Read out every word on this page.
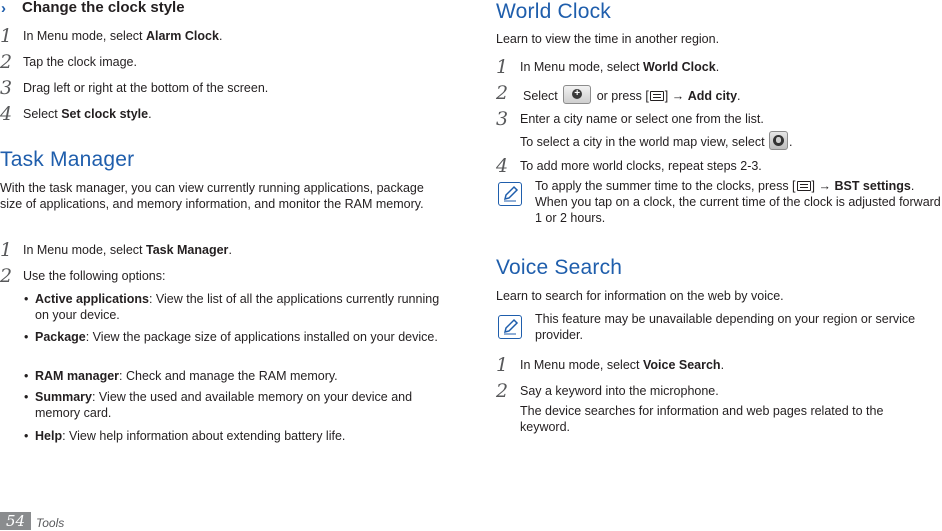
› Change the clock style
1 In Menu mode, select Alarm Clock.
2 Tap the clock image.
3 Drag left or right at the bottom of the screen.
4 Select Set clock style.
Task Manager
With the task manager, you can view currently running applications, package size of applications, and memory information, and monitor the RAM memory.
1 In Menu mode, select Task Manager.
2 Use the following options:
• Active applications: View the list of all the applications currently running on your device.
• Package: View the package size of applications installed on your device.
• RAM manager: Check and manage the RAM memory.
• Summary: View the used and available memory on your device and memory card.
• Help: View help information about extending battery life.
World Clock
Learn to view the time in another region.
1 In Menu mode, select World Clock.
2 Select + or press [ ] → Add city.
3 Enter a city name or select one from the list.
To select a city in the world map view, select
.
4 To add more world clocks, repeat steps 2-3.
To apply the summer time to the clocks, press [ ] → BST settings.
When you tap on a clock, the current time of the clock is adjusted forward 1 or 2 hours.
Voice Search
Learn to search for information on the web by voice.
This feature may be unavailable depending on your region or service provider.
1 In Menu mode, select Voice Search.
2 Say a keyword into the microphone.
The device searches for information and web pages related to the keyword.
54 Tools
